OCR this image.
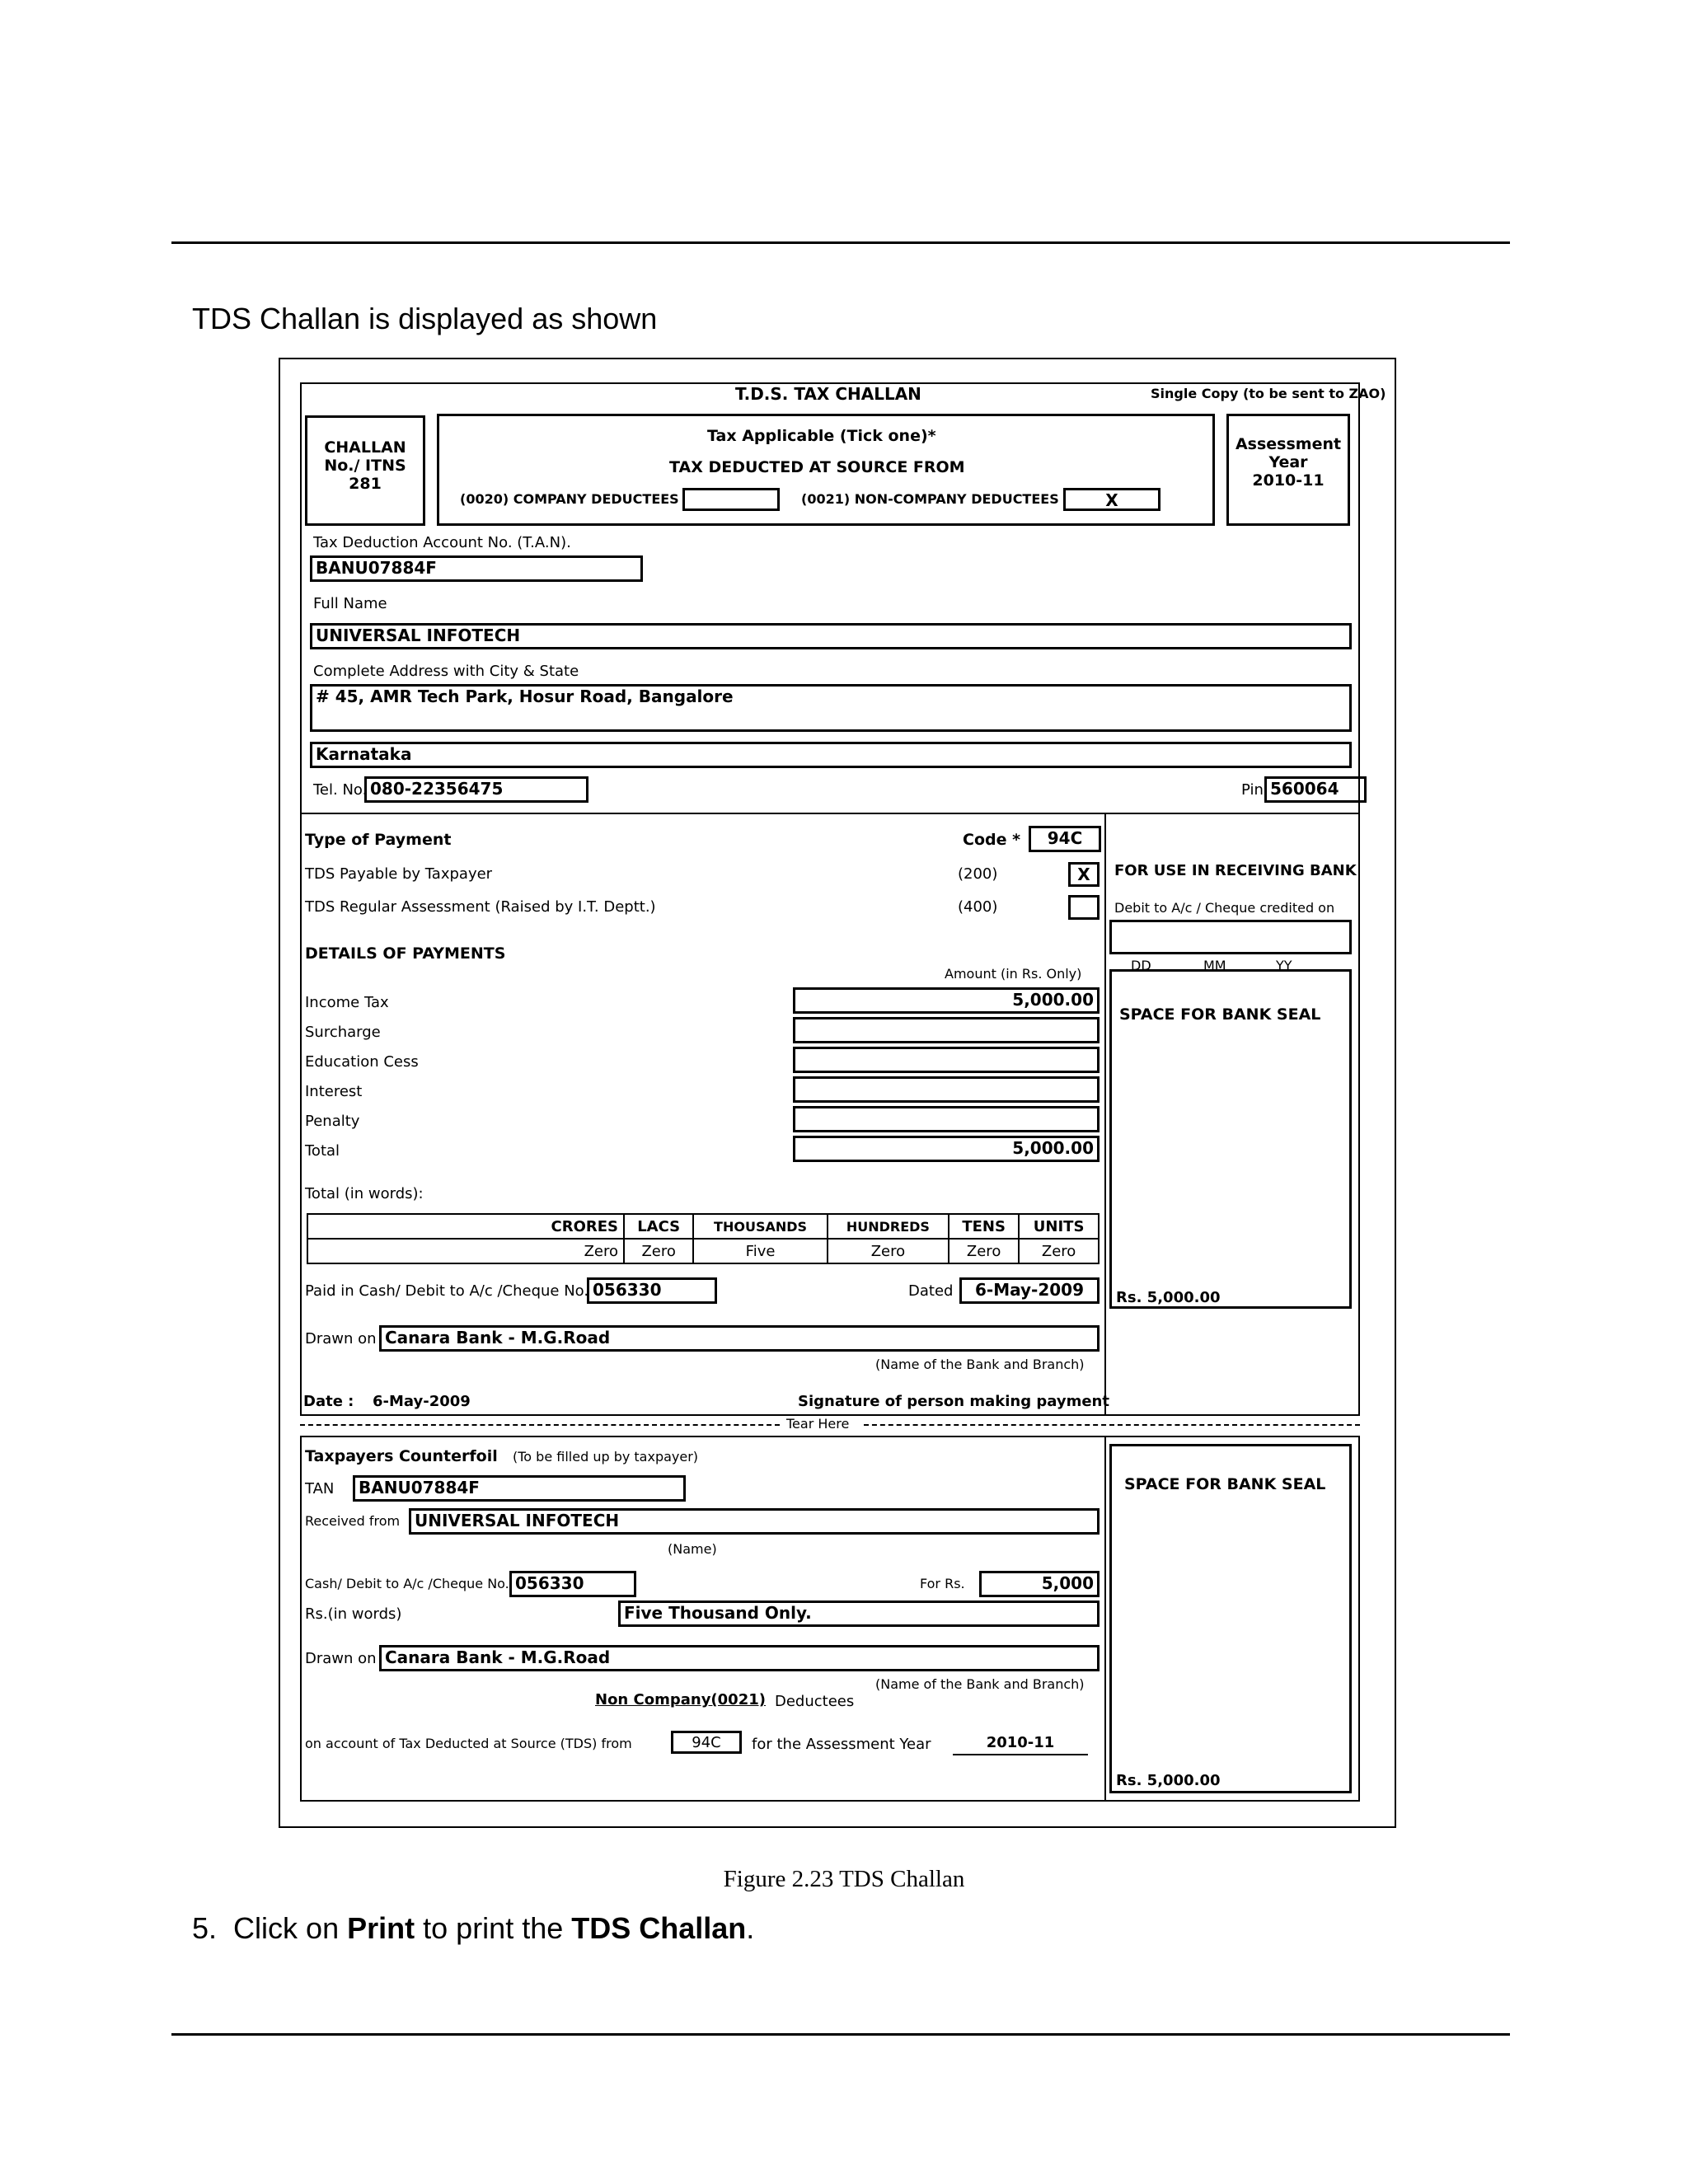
TDS Challan is displayed as shown
T.D.S. TAX CHALLAN	Single Copy (to be sent to ZAO)
CHALLAN
No./ ITNS
281
Tax Applicable (Tick one)*
TAX DEDUCTED AT SOURCE FROM
(0020) COMPANY DEDUCTEES	(0021) NON-COMPANY DEDUCTEES	X
Assessment
Year
2010-11
Tax Deduction Account No. (T.A.N).
BANU07884F
Full Name
UNIVERSAL INFOTECH
Complete Address with City & State
# 45, AMR Tech Park, Hosur Road, Bangalore
Karnataka
Tel. No. 080-22356475	Pin 560064
Type of Payment	Code *	94C
TDS Payable by Taxpayer	(200)	X
TDS Regular Assessment (Raised by I.T. Deptt.)	(400)
FOR USE IN RECEIVING BANK
Debit to A/c / Cheque credited on
DD	MM	YY
DETAILS OF PAYMENTS
Amount (in Rs. Only)
Income Tax	5,000.00
Surcharge
Education Cess
Interest
Penalty
Total	5,000.00
SPACE FOR BANK SEAL
Rs. 5,000.00
Total (in words):
CRORES	LACS	THOUSANDS	HUNDREDS	TENS	UNITS
Zero	Zero	Five	Zero	Zero	Zero
Paid in Cash/ Debit to A/c /Cheque No. 056330	Dated	6-May-2009
Drawn on Canara Bank - M.G.Road
(Name of the Bank and Branch)
Date : 6-May-2009	Signature of person making payment
Tear Here
Taxpayers Counterfoil (To be filled up by taxpayer)
TAN	BANU07884F
Received from UNIVERSAL INFOTECH
(Name)
Cash/ Debit to A/c /Cheque No. 056330	For Rs.	5,000
Rs.(in words)	Five Thousand Only.
Drawn on Canara Bank - M.G.Road
(Name of the Bank and Branch)
Non Company(0021) Deductees
on account of Tax Deducted at Source (TDS) from	94C	for the Assessment Year	2010-11
SPACE FOR BANK SEAL
Rs. 5,000.00
Figure 2.23 TDS Challan
5. Click on Print to print the TDS Challan.
